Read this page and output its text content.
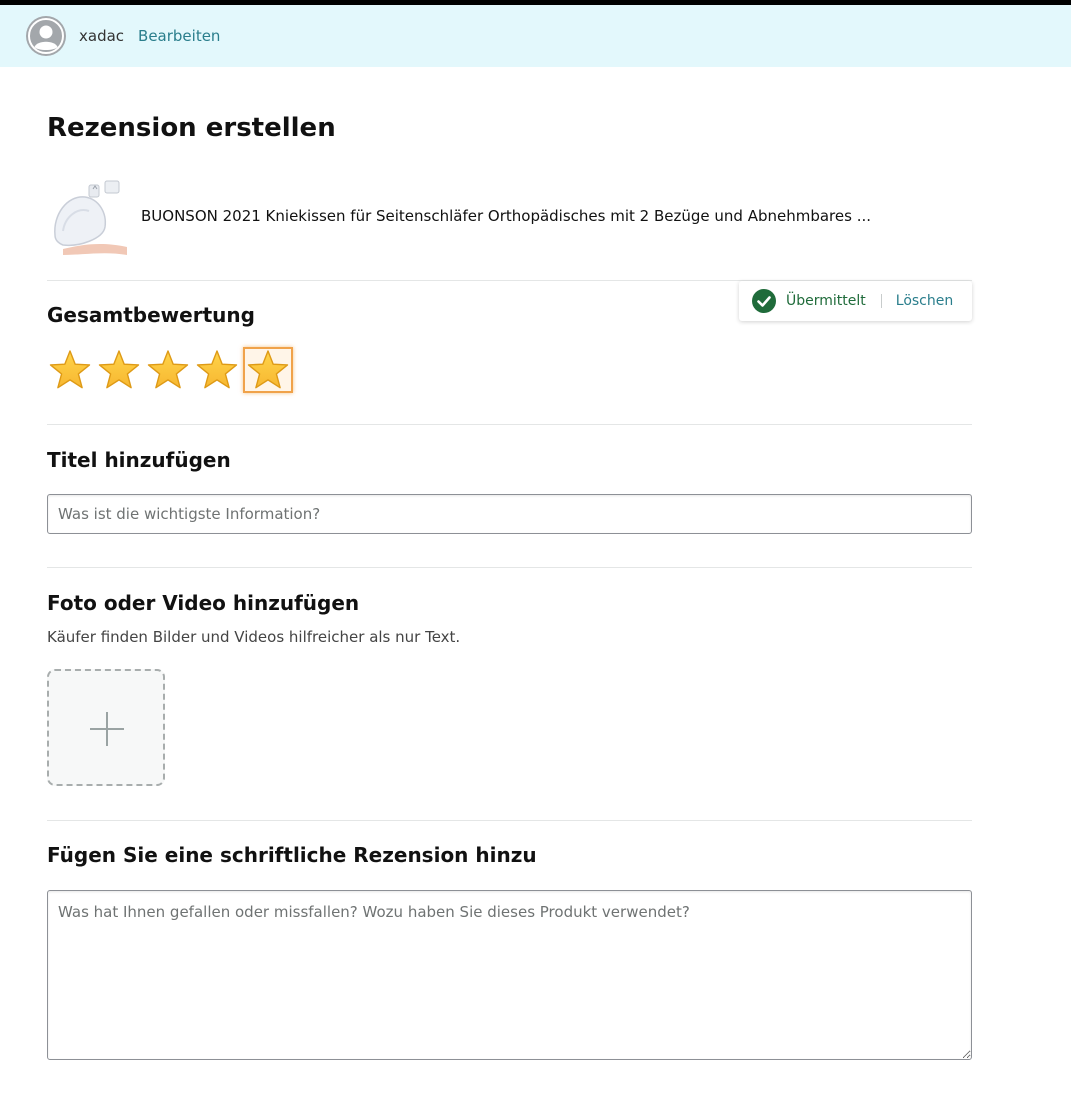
xadac Bearbeiten
Rezension erstellen
BUONSON 2021 Kniekissen für Seitenschläfer Orthopädisches mit 2 Bezüge und Abnehmbares ...
Übermittelt Löschen
Gesamtbewertung
Titel hinzufügen
Was ist die wichtigste Information?
Foto oder Video hinzufügen
Käufer finden Bilder und Videos hilfreicher als nur Text.
Fügen Sie eine schriftliche Rezension hinzu
Was hat Ihnen gefallen oder missfallen? Wozu haben Sie dieses Produkt verwendet?
